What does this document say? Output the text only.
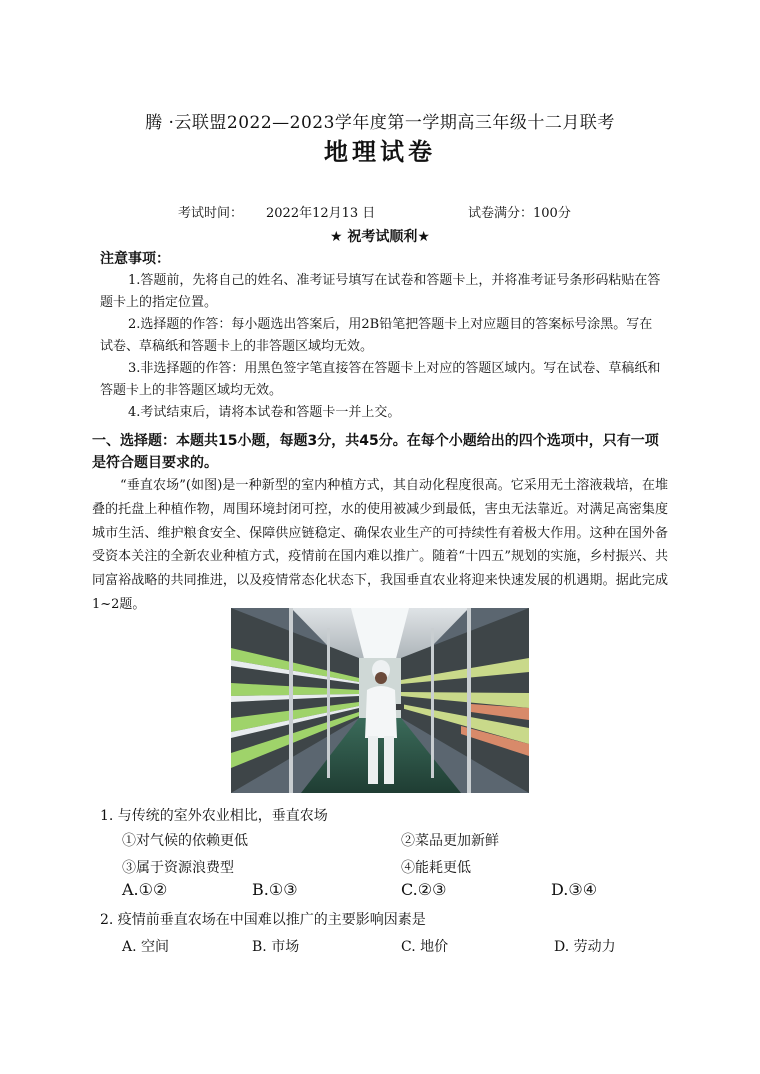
腾 ·云联盟2022—2023学年度第一学期高三年级十二月联考
地理试卷
考试时间： 2022年12月13 日	试卷满分：100分
★ 祝考试顺利★
注意事项：

1.答题前，先将自己的姓名、准考证号填写在试卷和答题卡上，并将准考证号条形码粘贴在答题卡上的指定位置。

2.选择题的作答：每小题选出答案后，用2B铅笔把答题卡上对应题目的答案标号涂黑。写在试卷、草稿纸和答题卡上的非答题区域均无效。

3.非选择题的作答：用黑色签字笔直接答在答题卡上对应的答题区域内。写在试卷、草稿纸和答题卡上的非答题区域均无效。

4.考试结束后，请将本试卷和答题卡一并上交。

一、选择题：本题共15小题，每题3分，共45分。在每个小题给出的四个选项中，只有一项是符合题目要求的。
“垂直农场”(如图)是一种新型的室内种植方式，其自动化程度很高。它采用无土溶液栽培，在堆叠的托盘上种植作物，周围环境封闭可控，水的使用被减少到最低，害虫无法靠近。对满足高密集度城市生活、维护粮食安全、保障供应链稳定、确保农业生产的可持续性有着极大作用。这种在国外备受资本关注的全新农业种植方式，疫情前在国内难以推广。随着“十四五”规划的实施，乡村振兴、共同富裕战略的共同推进，以及疫情常态化状态下，我国垂直农业将迎来快速发展的机遇期。据此完成1~2题。
1. 与传统的室外农业相比，垂直农场
①对气候的依赖更低	②菜品更加新鲜
③属于资源浪费型	④能耗更低
A.①②	B.①③	C.②③	D.③④
2. 疫情前垂直农场在中国难以推广的主要影响因素是
A. 空间	B. 市场	C. 地价	D. 劳动力
